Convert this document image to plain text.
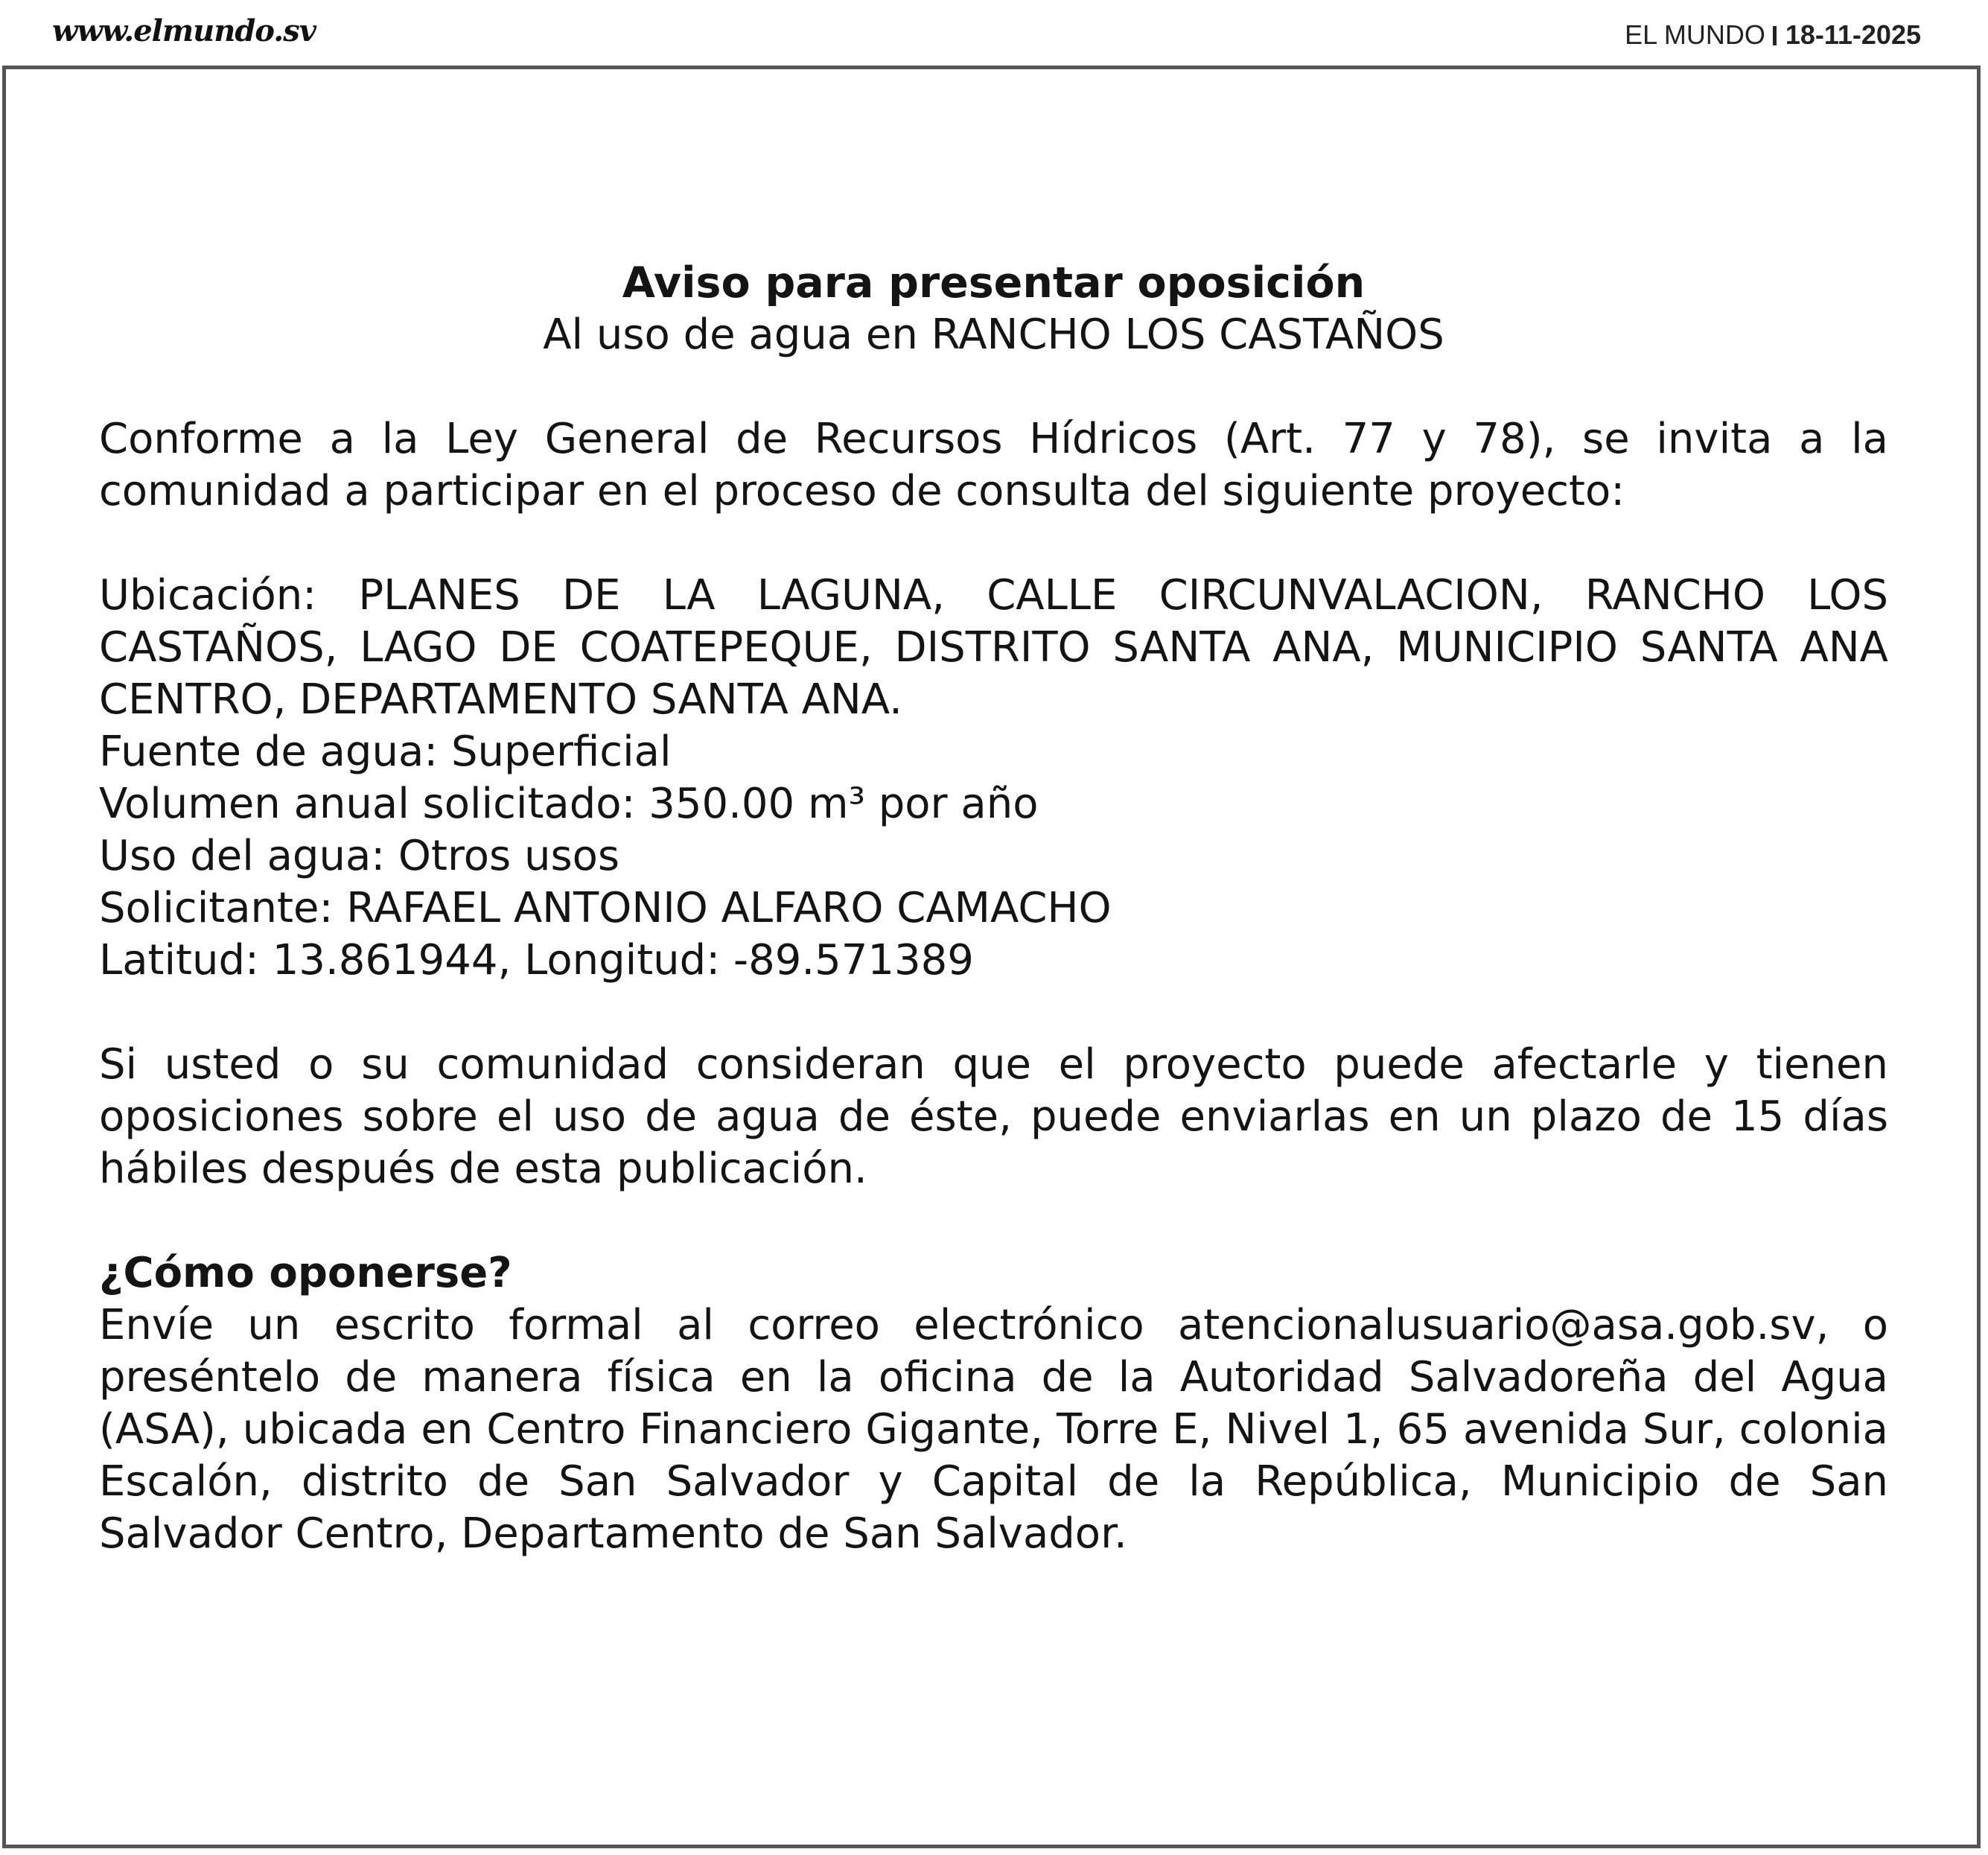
www.elmundo.sv	EL MUNDO 18-11-2025

Aviso para presentar oposición

Al uso de agua en RANCHO LOS CASTAÑOS

Conforme a la Ley General de Recursos Hídricos (Art. 77 y 78), se invita a la comunidad a participar en el proceso de consulta del siguiente proyecto:

Ubicación: PLANES DE LA LAGUNA, CALLE CIRCUNVALACION, RANCHO LOS CASTAÑOS, LAGO DE COATEPEQUE, DISTRITO SANTA ANA, MUNICIPIO SANTA ANA CENTRO, DEPARTAMENTO SANTA ANA.

Fuente de agua: Superficial

Volumen anual solicitado: 350.00 m³ por año

Uso del agua: Otros usos

Solicitante: RAFAEL ANTONIO ALFARO CAMACHO

Latitud: 13.861944, Longitud: -89.571389

Si usted o su comunidad consideran que el proyecto puede afectarle y tienen oposiciones sobre el uso de agua de éste, puede enviarlas en un plazo de 15 días hábiles después de esta publicación.

¿Cómo oponerse?

Envíe un escrito formal al correo electrónico atencionalusuario@asa.gob.sv, o preséntelo de manera física en la oficina de la Autoridad Salvadoreña del Agua (ASA), ubicada en Centro Financiero Gigante, Torre E, Nivel 1, 65 avenida Sur, colonia Escalón, distrito de San Salvador y Capital de la República, Municipio de San Salvador Centro, Departamento de San Salvador.
